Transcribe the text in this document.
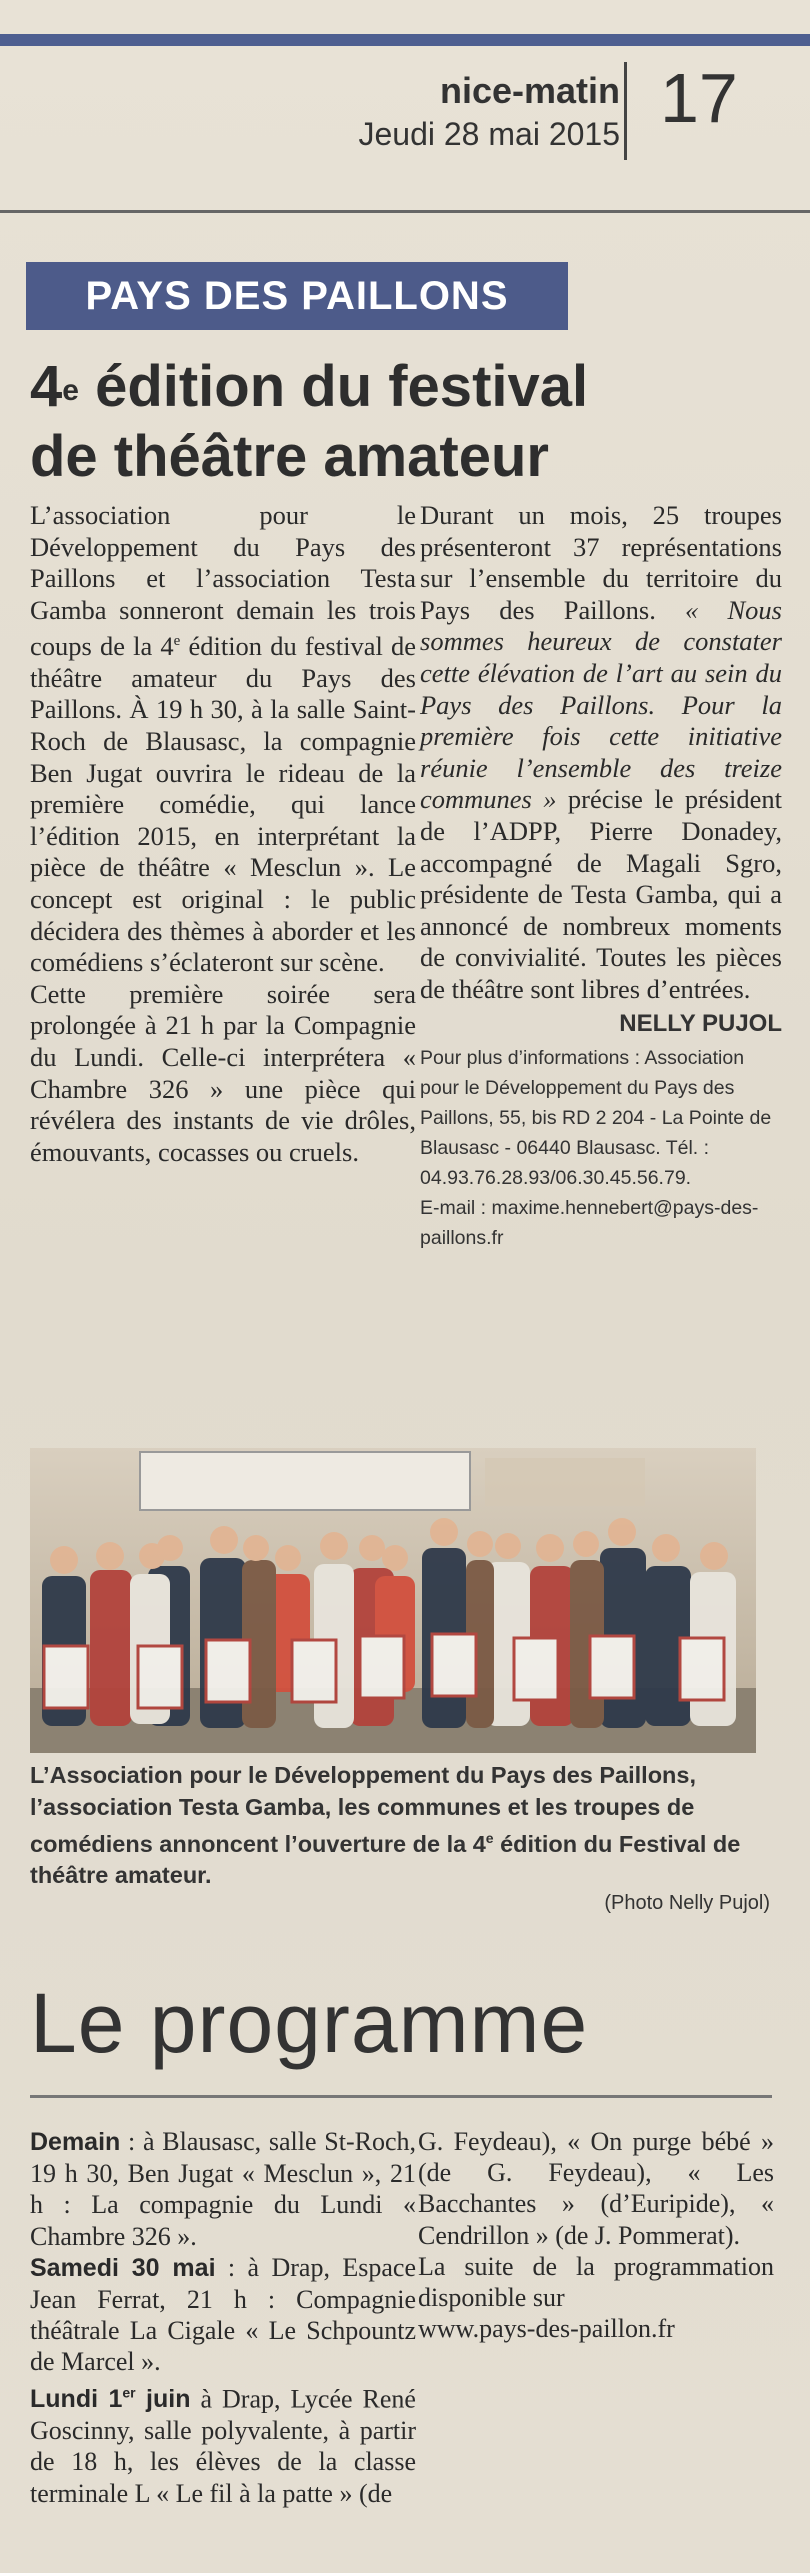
nice-matin
Jeudi 28 mai 2015 17
PAYS DES PAILLONS
4e édition du festival
de théâtre amateur

L’association pour le Développement du Pays des Paillons et l’association Testa Gamba sonneront demain les trois coups de la 4e édition du festival de théâtre amateur du Pays des Paillons. À 19 h 30, à la salle Saint-Roch de Blausasc, la compagnie Ben Jugat ouvrira le rideau de la première comédie, qui lance l’édition 2015, en interprétant la pièce de théâtre « Mesclun ». Le concept est original : le public décidera des thèmes à aborder et les comédiens s’éclateront sur scène.

Cette première soirée sera prolongée à 21 h par la Compagnie du Lundi. Celle-ci interprétera « Chambre 326 » une pièce qui révélera des instants de vie drôles, émouvants, cocasses ou cruels.

Durant un mois, 25 troupes présenteront 37 représentations sur l’ensemble du territoire du Pays des Paillons. « Nous sommes heureux de constater cette élévation de l’art au sein du Pays des Paillons. Pour la première fois cette initiative réunie l’ensemble des treize communes » précise le président de l’ADPP, Pierre Donadey, accompagné de Magali Sgro, présidente de Testa Gamba, qui a annoncé de nombreux moments de convivialité. Toutes les pièces de théâtre sont libres d’entrées.

NELLY PUJOL
Pour plus d’informations : Association pour le Développement du Pays des Paillons, 55, bis RD 2 204 - La Pointe de Blausasc - 06440 Blausasc. Tél. : 04.93.76.28.93/06.30.45.56.79.
E-mail : maxime.hennebert@pays-des-paillons.fr
L’Association pour le Développement du Pays des Paillons, l’association Testa Gamba, les communes et les troupes de comédiens annoncent l’ouverture de la 4e édition du Festival de théâtre amateur.
(Photo Nelly Pujol)
Le programme

Demain : à Blausasc, salle St-Roch, 19 h 30, Ben Jugat « Mesclun », 21 h : La compagnie du Lundi « Chambre 326 ».

Samedi 30 mai : à Drap, Espace Jean Ferrat, 21 h : Compagnie théâtrale La Cigale « Le Schpountz de Marcel ».

Lundi 1er juin à Drap, Lycée René Goscinny, salle polyvalente, à partir de 18 h, les élèves de la classe terminale L « Le fil à la patte » (de

G. Feydeau), « On purge bébé » (de G. Feydeau), « Les Bacchantes » (d’Euripide), « Cendrillon » (de J. Pommerat).

La suite de la programmation disponible sur

www.pays-des-paillon.fr
